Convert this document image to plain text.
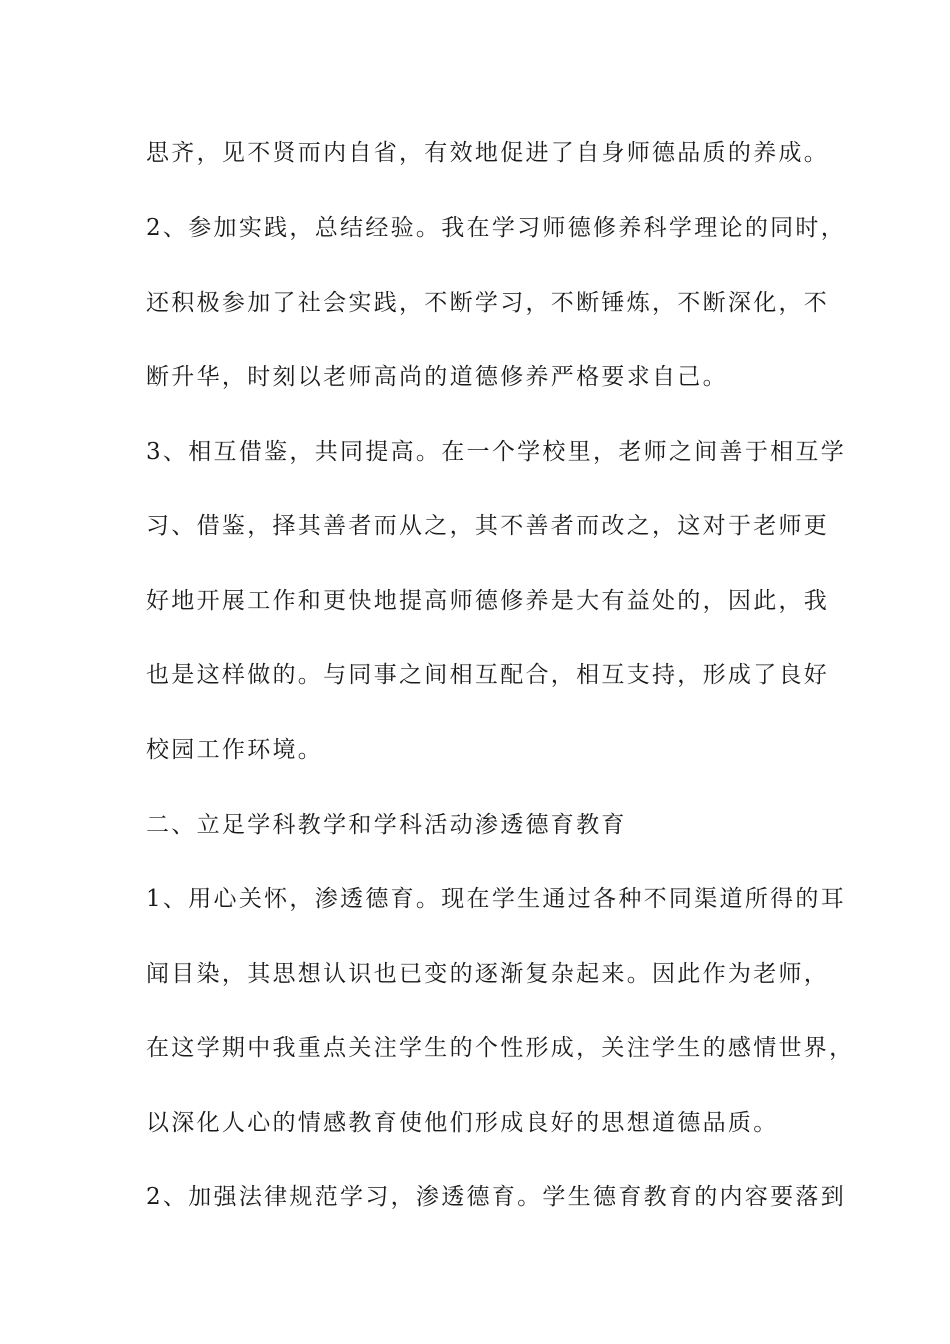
思齐，见不贤而内自省，有效地促进了自身师德品质的养成。
2、参加实践，总结经验。我在学习师德修养科学理论的同时，
还积极参加了社会实践，不断学习，不断锤炼，不断深化，不
断升华，时刻以老师高尚的道德修养严格要求自己。
3、相互借鉴，共同提高。在一个学校里，老师之间善于相互学
习、借鉴，择其善者而从之，其不善者而改之，这对于老师更
好地开展工作和更快地提高师德修养是大有益处的，因此，我
也是这样做的。与同事之间相互配合，相互支持，形成了良好
校园工作环境。
二、立足学科教学和学科活动渗透德育教育
1、用心关怀，渗透德育。现在学生通过各种不同渠道所得的耳
闻目染，其思想认识也已变的逐渐复杂起来。因此作为老师，
在这学期中我重点关注学生的个性形成，关注学生的感情世界，
以深化人心的情感教育使他们形成良好的思想道德品质。
2、加强法律规范学习，渗透德育。学生德育教育的内容要落到
